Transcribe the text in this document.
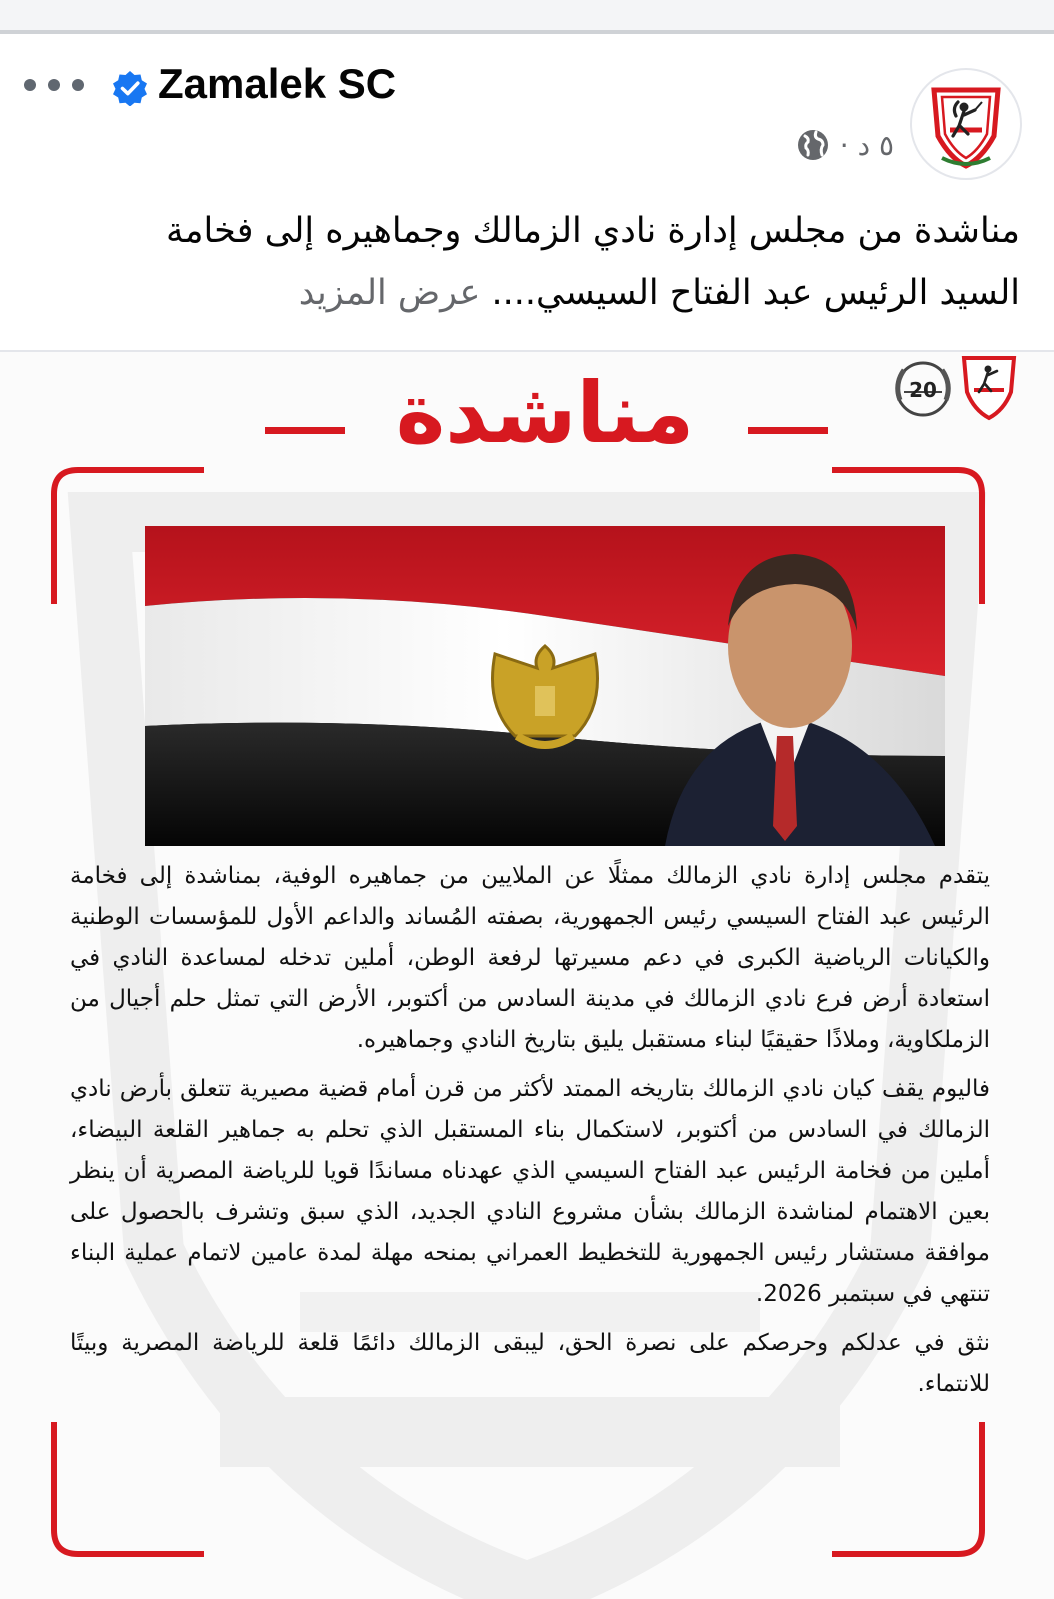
Zamalek SC
٥ د ·
مناشدة من مجلس إدارة نادي الزمالك وجماهيره إلى فخامة السيد الرئيس عبد الفتاح السيسي.... عرض المزيد
مناشدة	20

يتقدم مجلس إدارة نادي الزمالك ممثلًا عن الملايين من جماهيره الوفية، بمناشدة إلى فخامة الرئيس عبد الفتاح السيسي رئيس الجمهورية، بصفته المُساند والداعم الأول للمؤسسات الوطنية والكيانات الرياضية الكبرى في دعم مسيرتها لرفعة الوطن، أملين تدخله لمساعدة النادي في استعادة أرض فرع نادي الزمالك في مدينة السادس من أكتوبر، الأرض التي تمثل حلم أجيال من الزملكاوية، وملاذًا حقيقيًا لبناء مستقبل يليق بتاريخ النادي وجماهيره.

فاليوم يقف كيان نادي الزمالك بتاريخه الممتد لأكثر من قرن أمام قضية مصيرية تتعلق بأرض نادي الزمالك في السادس من أكتوبر، لاستكمال بناء المستقبل الذي تحلم به جماهير القلعة البيضاء، أملين من فخامة الرئيس عبد الفتاح السيسي الذي عهدناه مساندًا قويا للرياضة المصرية أن ينظر بعين الاهتمام لمناشدة الزمالك بشأن مشروع النادي الجديد، الذي سبق وتشرف بالحصول على موافقة مستشار رئيس الجمهورية للتخطيط العمراني بمنحه مهلة لمدة عامين لاتمام عملية البناء تنتهي في سبتمبر 2026.

نثق في عدلكم وحرصكم على نصرة الحق، ليبقى الزمالك دائمًا قلعة للرياضة المصرية وبيتًا للانتماء.
